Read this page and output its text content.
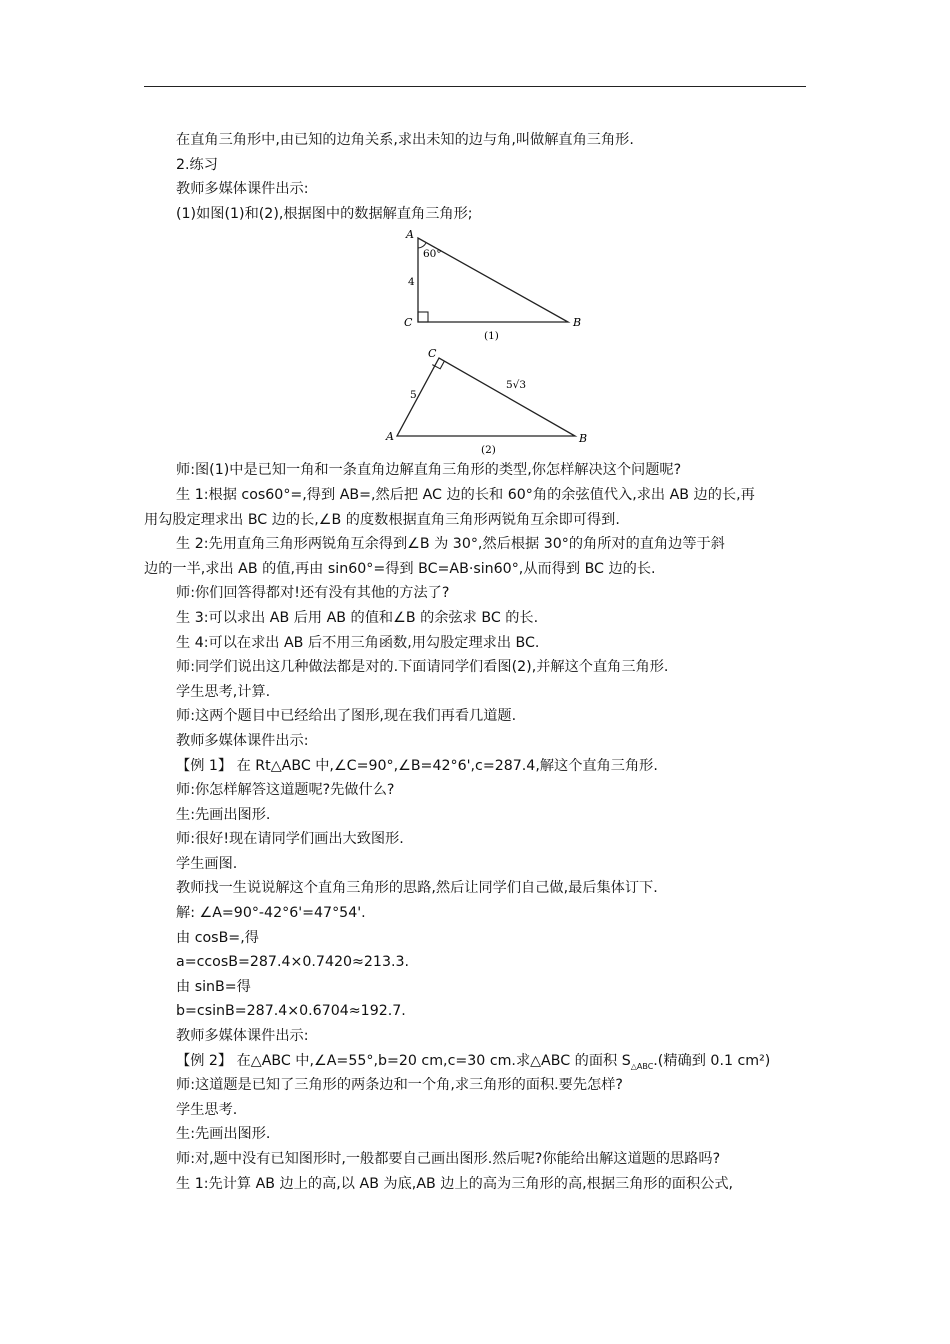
在直角三角形中,由已知的边角关系,求出未知的边与角,叫做解直角三角形.
2.练习
教师多媒体课件出示:
(1)如图(1)和(2),根据图中的数据解直角三角形;
A
C	B
60°
4
(1)
C
A	B
5
5√3
(2)
师:图(1)中是已知一角和一条直角边解直角三角形的类型,你怎样解决这个问题呢?
生 1:根据 cos60°=,得到 AB=,然后把 AC 边的长和 60°角的余弦值代入,求出 AB 边的长,再
用勾股定理求出 BC 边的长,∠B 的度数根据直角三角形两锐角互余即可得到.
生 2:先用直角三角形两锐角互余得到∠B 为 30°,然后根据 30°的角所对的直角边等于斜
边的一半,求出 AB 的值,再由 sin60°=得到 BC=AB·sin60°,从而得到 BC 边的长.
师:你们回答得都对!还有没有其他的方法了?
生 3:可以求出 AB 后用 AB 的值和∠B 的余弦求 BC 的长.
生 4:可以在求出 AB 后不用三角函数,用勾股定理求出 BC.
师:同学们说出这几种做法都是对的.下面请同学们看图(2),并解这个直角三角形.
学生思考,计算.
师:这两个题目中已经给出了图形,现在我们再看几道题.
教师多媒体课件出示:
【例 1】 在 Rt△ABC 中,∠C=90°,∠B=42°6',c=287.4,解这个直角三角形.
师:你怎样解答这道题呢?先做什么?
生:先画出图形.
师:很好!现在请同学们画出大致图形.
学生画图.
教师找一生说说解这个直角三角形的思路,然后让同学们自己做,最后集体订下.
解: ∠A=90°-42°6'=47°54'.
由 cosB=,得
a=ccosB=287.4×0.7420≈213.3.
由 sinB=得
b=csinB=287.4×0.6704≈192.7.
教师多媒体课件出示:
【例 2】 在△ABC 中,∠A=55°,b=20 cm,c=30 cm.求△ABC 的面积 $S_{\triangle ABC}$.(精确到 0.1 cm²)
师:这道题是已知了三角形的两条边和一个角,求三角形的面积.要先怎样?
学生思考.
生:先画出图形.
师:对,题中没有已知图形时,一般都要自己画出图形.然后呢?你能给出解这道题的思路吗?
生 1:先计算 AB 边上的高,以 AB 为底,AB 边上的高为三角形的高,根据三角形的面积公式,
